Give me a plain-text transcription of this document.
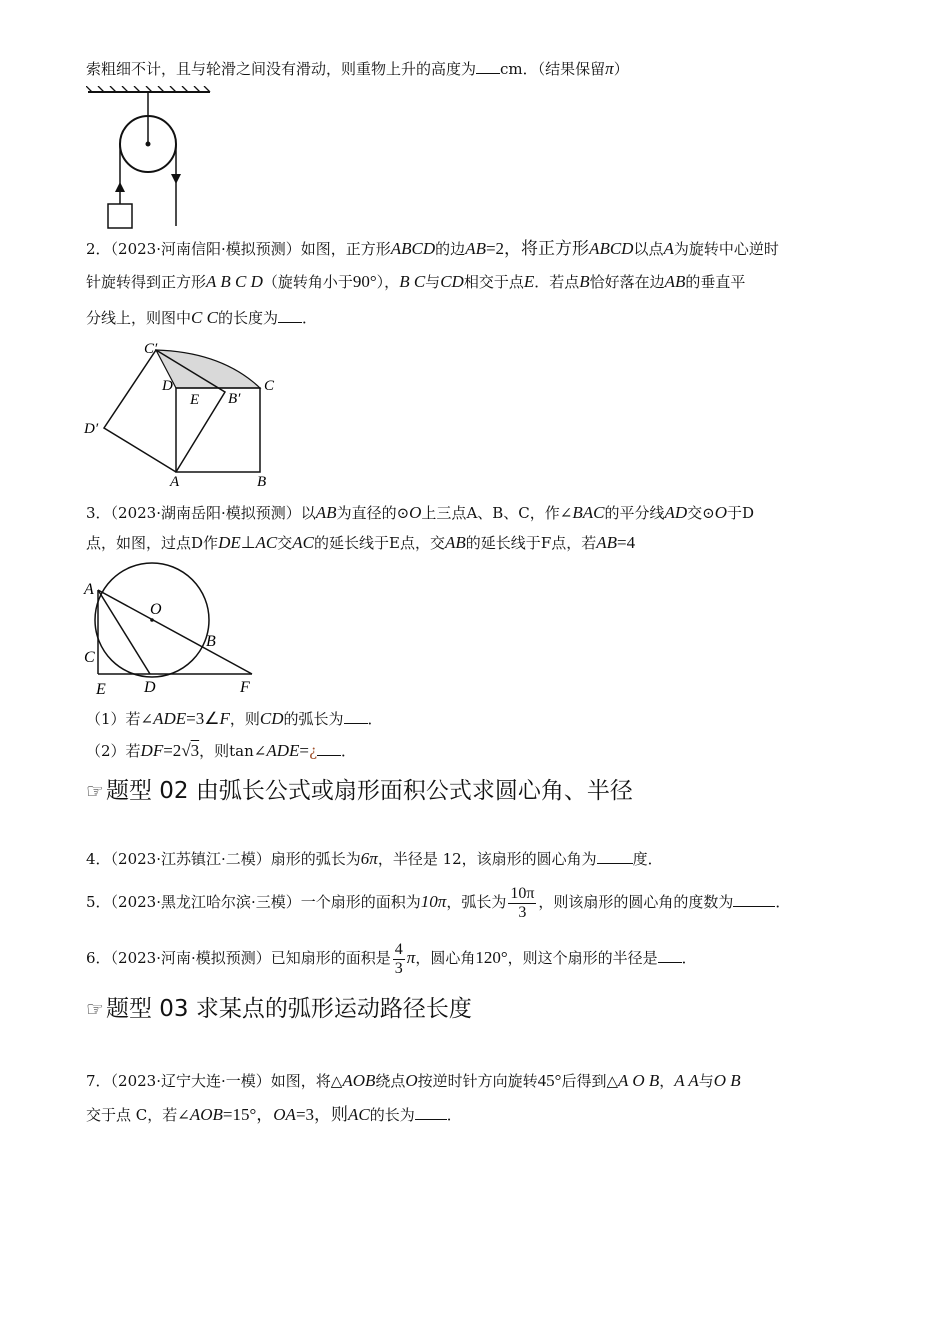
索粗细不计，且与轮滑之间没有滑动，则重物上升的高度为 cm．（结果保留π）
2．（2023·河南信阳·模拟预测）如图，正方形ABCD的边AB=2，将正方形ABCD以点A为旋转中心逆时
针旋转得到正方形A B C D（旋转角小于90°），B C与CD相交于点E．若点B恰好落在边AB的垂直平
分线上，则图中C C的长度为 ．
C′
D	C
E B′
D′
A	B
3．（2023·湖南岳阳·模拟预测）以AB为直径的⊙O上三点A、B、C，作∠BAC的平分线AD交⊙O于D
点，如图，过点D作DE⊥AC交AC的延长线于E点，交AB的延长线于F点，若AB=4
A
O
B
C
E D	F
（1）若∠ADE=3∠F，则CD的弧长为 ．
（2）若DF=2√3，则tan∠ADE=¿ ．
☞题型 02 由弧长公式或扇形面积公式求圆心角、半径
4．（2023·江苏镇江·二模）扇形的弧长为6π，半径是 12，该扇形的圆心角为 度．
5．（2023·黑龙江哈尔滨·三模）一个扇形的面积为10π，弧长为 $\frac{10\pi}{3}$ ，则该扇形的圆心角的度数为	．
6．（2023·河南·模拟预测）已知扇形的面积是 $\frac{4}{3}$ π，圆心角120°，则这个扇形的半径是 ．
☞题型 03 求某点的弧形运动路径长度
7．（2023·辽宁大连·一模）如图，将△AOB绕点O按逆时针方向旋转45°后得到△A O B，A A与O B
交于点 C，若∠AOB=15°，OA=3，则AC的长为 ．
